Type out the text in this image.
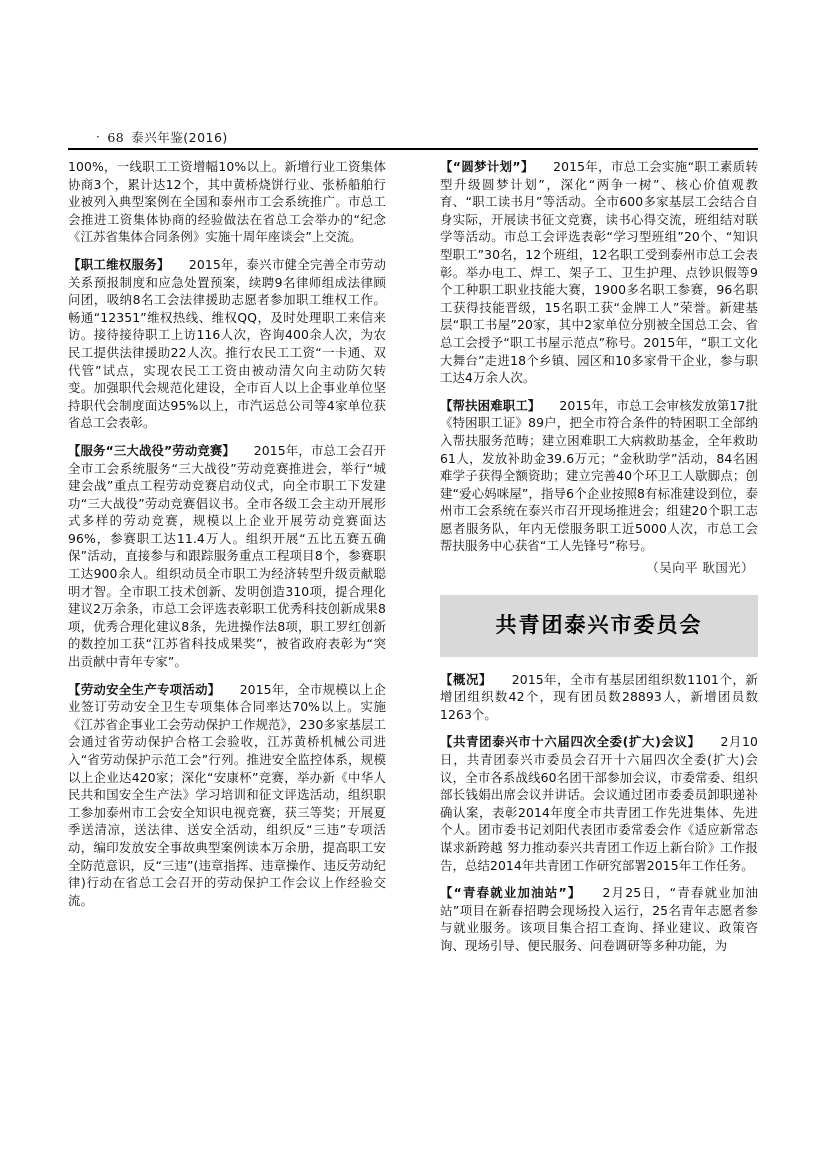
· 68 泰兴年鉴(2016)

100%，一线职工工资增幅10%以上。新增行业工资集体协商3个，累计达12个，其中黄桥烧饼行业、张桥船舶行业被列入典型案例在全国和泰州市工会系统推广。市总工会推进工资集体协商的经验做法在省总工会举办的“纪念《江苏省集体合同条例》实施十周年座谈会”上交流。

【职工维权服务】　　2015年，泰兴市健全完善全市劳动关系预报制度和应急处置预案，续聘9名律师组成法律顾问团，吸纳8名工会法律援助志愿者参加职工维权工作。畅通“12351”维权热线、维权QQ，及时处理职工来信来访。接待接待职工上访116人次，咨询400余人次，为农民工提供法律援助22人次。推行农民工工资“一卡通、双代管”试点，实现农民工工资由被动清欠向主动防欠转变。加强职代会规范化建设，全市百人以上企事业单位坚持职代会制度面达95%以上，市汽运总公司等4家单位获省总工会表彰。

【服务“三大战役”劳动竞赛】　　2015年，市总工会召开全市工会系统服务“三大战役”劳动竞赛推进会，举行“城建会战”重点工程劳动竞赛启动仪式，向全市职工下发建功“三大战役”劳动竞赛倡议书。全市各级工会主动开展形式多样的劳动竞赛，规模以上企业开展劳动竞赛面达96%，参赛职工达11.4万人。组织开展“五比五赛五确保”活动，直接参与和跟踪服务重点工程项目8个，参赛职工达900余人。组织动员全市职工为经济转型升级贡献聪明才智。全市职工技术创新、发明创造310项，提合理化建议2万余条，市总工会评选表彰职工优秀科技创新成果8项，优秀合理化建议8条，先进操作法8项，职工罗红创新的数控加工获“江苏省科技成果奖”，被省政府表彰为“突出贡献中青年专家”。

【劳动安全生产专项活动】　　2015年，全市规模以上企业签订劳动安全卫生专项集体合同率达70%以上。实施《江苏省企事业工会劳动保护工作规范》，230多家基层工会通过省劳动保护合格工会验收，江苏黄桥机械公司进入“省劳动保护示范工会”行列。推进安全监控体系，规模以上企业达420家；深化“安康杯”竞赛，举办新《中华人民共和国安全生产法》学习培训和征文评选活动，组织职工参加泰州市工会安全知识电视竞赛，获三等奖；开展夏季送清凉，送法律、送安全活动，组织反“三违”专项活动，编印发放安全事故典型案例读本万余册，提高职工安全防范意识，反“三违”(违章指挥、违章操作、违反劳动纪律)行动在省总工会召开的劳动保护工作会议上作经验交流。

【“圆梦计划”】　　2015年，市总工会实施“职工素质转型升级圆梦计划”，深化“两争一树”、核心价值观教育、“职工读书月”等活动。全市600多家基层工会结合自身实际，开展读书征文竞赛，读书心得交流，班组结对联学等活动。市总工会评选表彰“学习型班组”20个、“知识型职工”30名，12个班组，12名职工受到泰州市总工会表彰。举办电工、焊工、架子工、卫生护理、点钞识假等9个工种职工职业技能大赛，1900多名职工参赛，96名职工获得技能晋级，15名职工获“金牌工人”荣誉。新建基层“职工书屋”20家，其中2家单位分别被全国总工会、省总工会授予“职工书屋示范点”称号。2015年，“职工文化大舞台”走进18个乡镇、园区和10多家骨干企业，参与职工达4万余人次。

【帮扶困难职工】　　2015年，市总工会审核发放第17批《特困职工证》89户，把全市符合条件的特困职工全部纳入帮扶服务范畴；建立困难职工大病救助基金，全年救助61人，发放补助金39.6万元；“金秋助学”活动，84名困难学子获得全额资助；建立完善40个环卫工人歇脚点；创建“爱心妈咪屋”，指导6个企业按照8有标准建设到位，泰州市工会系统在泰兴市召开现场推进会；组建20个职工志愿者服务队，年内无偿服务职工近5000人次，市总工会帮扶服务中心获省“工人先锋号”称号。

（吴向平 耿国光）
共青团泰兴市委员会

【概况】　　2015年，全市有基层团组织数1101个，新增团组织数42个，现有团员数28893人，新增团员数1263个。

【共青团泰兴市十六届四次全委(扩大)会议】　　2月10日，共青团泰兴市委员会召开十六届四次全委(扩大)会议，全市各系战线60名团干部参加会议，市委常委、组织部长钱娟出席会议并讲话。会议通过团市委委员卸职递补确认案，表彰2014年度全市共青团工作先进集体、先进个人。团市委书记刘阳代表团市委常委会作《适应新常态 谋求新跨越 努力推动泰兴共青团工作迈上新台阶》工作报告，总结2014年共青团工作研究部署2015年工作任务。

【“青春就业加油站”】　　2月25日，“青春就业加油站”项目在新春招聘会现场投入运行，25名青年志愿者参与就业服务。该项目集合招工查询、择业建议、政策咨询、现场引导、便民服务、问卷调研等多种功能，为
